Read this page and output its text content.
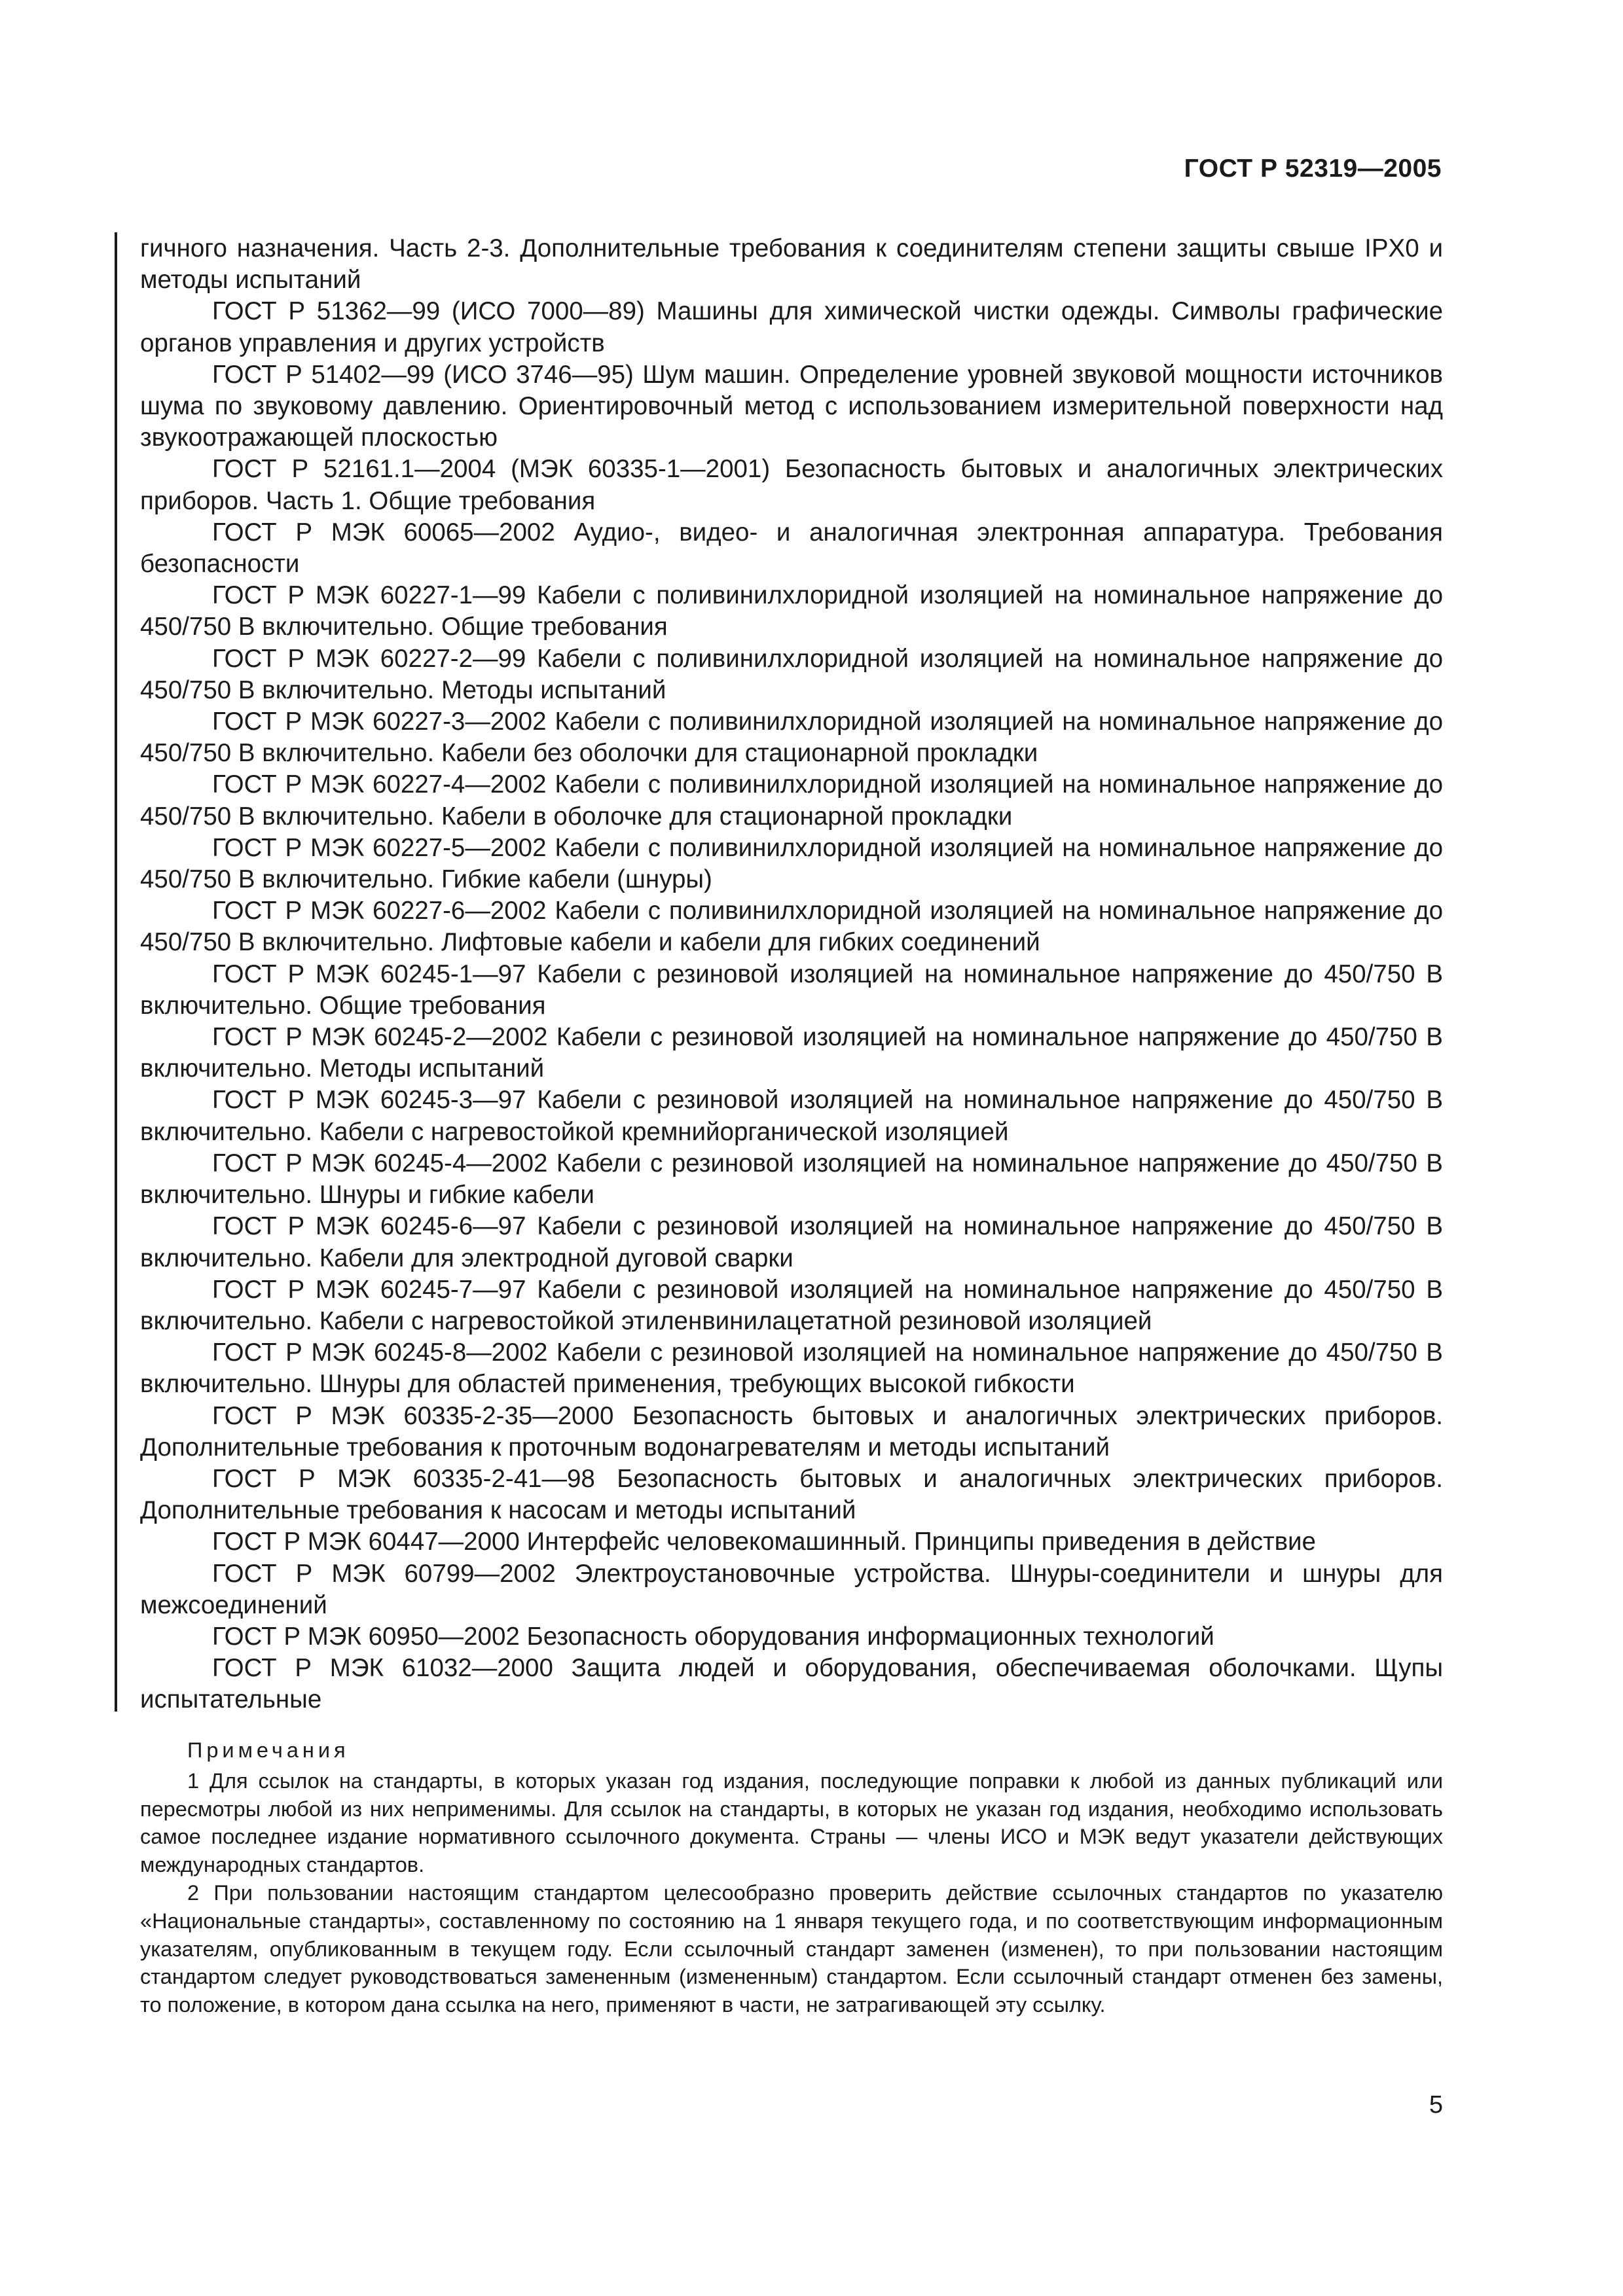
ГОСТ Р 52319—2005

гичного назначения. Часть 2-3. Дополнительные требования к соединителям степени защиты свыше IPX0 и методы испытаний

ГОСТ Р 51362—99 (ИСО 7000—89) Машины для химической чистки одежды. Символы графические органов управления и других устройств

ГОСТ Р 51402—99 (ИСО 3746—95) Шум машин. Определение уровней звуковой мощности источников шума по звуковому давлению. Ориентировочный метод с использованием измерительной поверхности над звукоотражающей плоскостью

ГОСТ Р 52161.1—2004 (МЭК 60335-1—2001) Безопасность бытовых и аналогичных электрических приборов. Часть 1. Общие требования

ГОСТ Р МЭК 60065—2002 Аудио-, видео- и аналогичная электронная аппаратура. Требования безопасности

ГОСТ Р МЭК 60227-1—99 Кабели с поливинилхлоридной изоляцией на номинальное напряжение до 450/750 В включительно. Общие требования

ГОСТ Р МЭК 60227-2—99 Кабели с поливинилхлоридной изоляцией на номинальное напряжение до 450/750 В включительно. Методы испытаний

ГОСТ Р МЭК 60227-3—2002 Кабели с поливинилхлоридной изоляцией на номинальное напряжение до 450/750 В включительно. Кабели без оболочки для стационарной прокладки

ГОСТ Р МЭК 60227-4—2002 Кабели с поливинилхлоридной изоляцией на номинальное напряжение до 450/750 В включительно. Кабели в оболочке для стационарной прокладки

ГОСТ Р МЭК 60227-5—2002 Кабели с поливинилхлоридной изоляцией на номинальное напряжение до 450/750 В включительно. Гибкие кабели (шнуры)

ГОСТ Р МЭК 60227-6—2002 Кабели с поливинилхлоридной изоляцией на номинальное напряжение до 450/750 В включительно. Лифтовые кабели и кабели для гибких соединений

ГОСТ Р МЭК 60245-1—97 Кабели с резиновой изоляцией на номинальное напряжение до 450/750 В включительно. Общие требования

ГОСТ Р МЭК 60245-2—2002 Кабели с резиновой изоляцией на номинальное напряжение до 450/750 В включительно. Методы испытаний

ГОСТ Р МЭК 60245-3—97 Кабели с резиновой изоляцией на номинальное напряжение до 450/750 В включительно. Кабели с нагревостойкой кремнийорганической изоляцией

ГОСТ Р МЭК 60245-4—2002 Кабели с резиновой изоляцией на номинальное напряжение до 450/750 В включительно. Шнуры и гибкие кабели

ГОСТ Р МЭК 60245-6—97 Кабели с резиновой изоляцией на номинальное напряжение до 450/750 В включительно. Кабели для электродной дуговой сварки

ГОСТ Р МЭК 60245-7—97 Кабели с резиновой изоляцией на номинальное напряжение до 450/750 В включительно. Кабели с нагревостойкой этиленвинилацетатной резиновой изоляцией

ГОСТ Р МЭК 60245-8—2002 Кабели с резиновой изоляцией на номинальное напряжение до 450/750 В включительно. Шнуры для областей применения, требующих высокой гибкости

ГОСТ Р МЭК 60335-2-35—2000 Безопасность бытовых и аналогичных электрических приборов. Дополнительные требования к проточным водонагревателям и методы испытаний

ГОСТ Р МЭК 60335-2-41—98 Безопасность бытовых и аналогичных электрических приборов. Дополнительные требования к насосам и методы испытаний

ГОСТ Р МЭК 60447—2000 Интерфейс человекомашинный. Принципы приведения в действие

ГОСТ Р МЭК 60799—2002 Электроустановочные устройства. Шнуры-соединители и шнуры для межсоединений

ГОСТ Р МЭК 60950—2002 Безопасность оборудования информационных технологий

ГОСТ Р МЭК 61032—2000 Защита людей и оборудования, обеспечиваемая оболочками. Щупы испытательные

Примечания

1 Для ссылок на стандарты, в которых указан год издания, последующие поправки к любой из данных публикаций или пересмотры любой из них неприменимы. Для ссылок на стандарты, в которых не указан год издания, необходимо использовать самое последнее издание нормативного ссылочного документа. Страны — члены ИСО и МЭК ведут указатели действующих международных стандартов.

2 При пользовании настоящим стандартом целесообразно проверить действие ссылочных стандартов по указателю «Национальные стандарты», составленному по состоянию на 1 января текущего года, и по соответствующим информационным указателям, опубликованным в текущем году. Если ссылочный стандарт заменен (изменен), то при пользовании настоящим стандартом следует руководствоваться замененным (измененным) стандартом. Если ссылочный стандарт отменен без замены, то положение, в котором дана ссылка на него, применяют в части, не затрагивающей эту ссылку.

5
